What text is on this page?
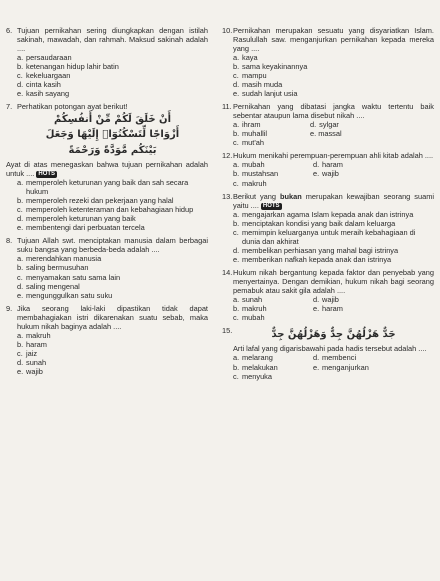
6. Tujuan pernikahan sering diungkapkan dengan istilah sakinah, mawadah, dan rahmah. Maksud sakinah adalah ....
a. persaudaraan
b. ketenangan hidup lahir batin
c. kekeluargaan
d. cinta kasih
e. kasih sayang
7. Perhatikan potongan ayat berikut!
ﺃَﻥْ ﺧَﻠَﻖَ ﻟَﻜُﻢْ ﻣِّﻦْ ﺃَﻧﻔُﺴِﻜُﻢْ
ﺃَﺯْﻭَﺍﺟًﺎ ﻟِّﺘَﺴْﻜُﻨُﻮٓﺍ۟ ﺇِﻟَﻴْﻬَﺎ ﻭَﺟَﻌَﻞَ
ﺑَﻴْﻨَﻜُﻢ ﻣَّﻮَﺩَّﺓً ﻭَﺭَﺣْﻤَﺔً
Ayat di atas menegaskan bahwa tujuan pernikahan adalah untuk .... HOTS
a. memperoleh keturunan yang baik dan sah secara hukum
b. memperoleh rezeki dan pekerjaan yang halal
c. memperoleh ketenteraman dan kebahagiaan hidup
d. memperoleh keturunan yang baik
e. membentengi dari perbuatan tercela
8. Tujuan Allah swt. menciptakan manusia dalam berbagai suku bangsa yang berbeda-beda adalah ....
a. merendahkan manusia
b. saling bermusuhan
c. menyamakan satu sama lain
d. saling mengenal
e. mengunggulkan satu suku
9. Jika seorang laki-laki dipastikan tidak dapat membahagiakan istri dikarenakan suatu sebab, maka hukum nikah baginya adalah ....
a. makruh
b. haram
c. jaiz
d. sunah
e. wajib
10. Pernikahan merupakan sesuatu yang disyariatkan Islam. Rasulullah saw. menganjurkan pernikahan kepada mereka yang ....
a. kaya
b. sama keyakinannya
c. mampu
d. masih muda
e. sudah lanjut usia
11. Pernikahan yang dibatasi jangka waktu tertentu baik sebentar ataupun lama disebut nikah ....
a. ihram	d. sylgar
b. muhallil	e. massal
c. mut'ah
12. Hukum menikahi perempuan-perempuan ahli kitab adalah ....
a. mubah	d. haram
b. mustahsan	e. wajib
c. makruh
13. Berikut yang bukan merupakan kewajiban seorang suami yaitu .... HOTS
a. mengajarkan agama Islam kepada anak dan istrinya
b. menciptakan kondisi yang baik dalam keluarga
c. memimpin keluarganya untuk meraih kebahagiaan di dunia dan akhirat
d. membelikan perhiasan yang mahal bagi istrinya
e. memberikan nafkah kepada anak dan istrinya
14. Hukum nikah bergantung kepada faktor dan penyebab yang menyertainya. Dengan demikian, hukum nikah bagi seorang pemabuk atau sakit gila adalah ....
a. sunah	d. wajib
b. makruh	e. haram
c. mubah
15.	ﺟَﺪٌّ ﻫَﺰْﻟُﻬُﻦَّ ﺟِﺪٌّ ﻭَﻫَﺰْﻟُﻬُﻦَّ ﺟِﺪٌّ
Arti lafal yang digarisbawahi pada hadis tersebut adalah ....
a. melarang	d. membenci
b. melakukan	e. menganjurkan
c. menyuka
